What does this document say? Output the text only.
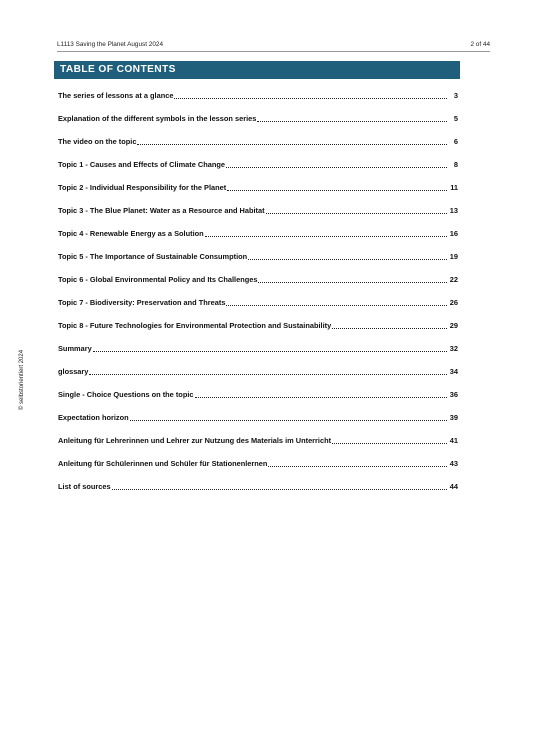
L1113 Saving the Planet August 2024	2 of 44
TABLE OF CONTENTS
The series of lessons at a glance	3
Explanation of the different symbols in the lesson series	5
The video on the topic	6
Topic 1 - Causes and Effects of Climate Change	8
Topic 2 - Individual Responsibility for the Planet	11
Topic 3 - The Blue Planet: Water as a Resource and Habitat	13
Topic 4 - Renewable Energy as a Solution	16
Topic 5 - The Importance of Sustainable Consumption	19
Topic 6 - Global Environmental Policy and Its Challenges	22
Topic 7 - Biodiversity: Preservation and Threats	26
Topic 8 - Future Technologies for Environmental Protection and Sustainability	29
Summary	32
glossary	34
Single - Choice Questions on the topic	36
Expectation horizon	39
Anleitung für Lehrerinnen und Lehrer zur Nutzung des Materials im Unterricht	41
Anleitung für Schülerinnen und Schüler für Stationenlernen	43
List of sources	44
© selbstorientiert 2024
